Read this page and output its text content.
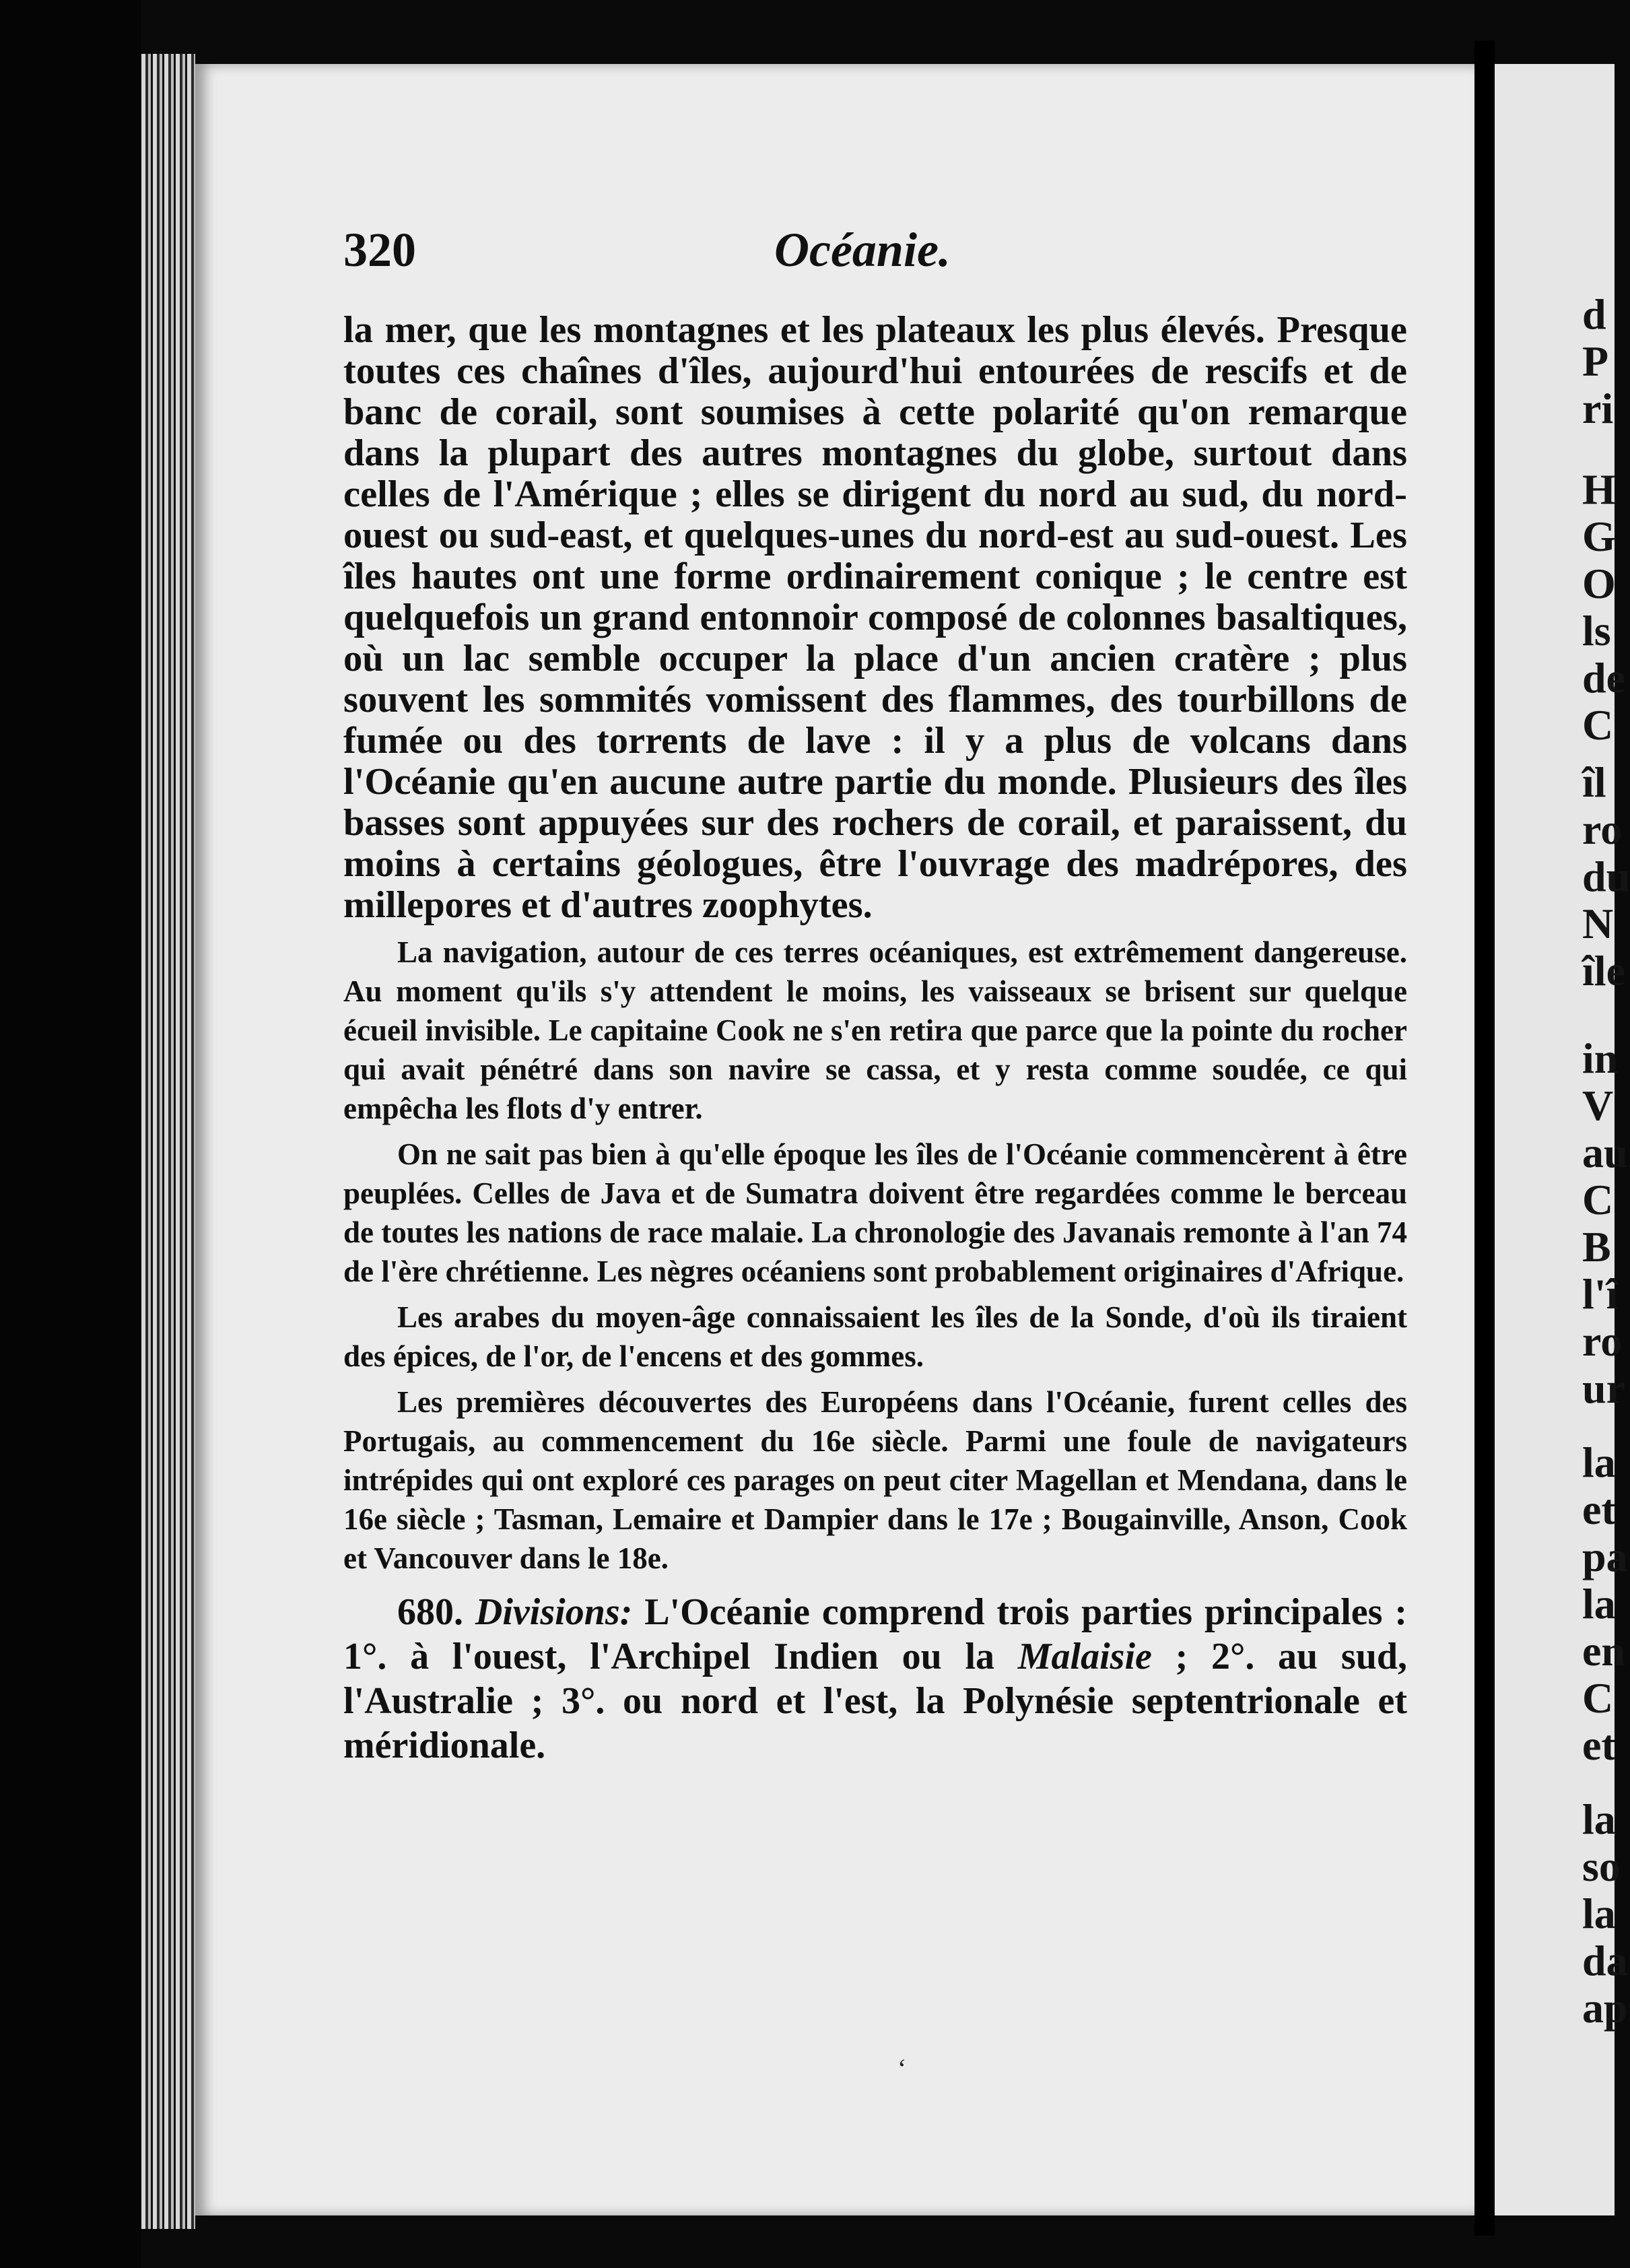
320	Océanie.

la mer, que les montagnes et les plateaux les plus élevés. Presque toutes ces chaînes d'îles, aujourd'hui entourées de rescifs et de banc de corail, sont soumises à cette polarité qu'on remarque dans la plupart des autres montagnes du globe, surtout dans celles de l'Amérique ; elles se dirigent du nord au sud, du nord-ouest ou sud-east, et quelques-unes du nord-est au sud-ouest. Les îles hautes ont une forme ordinairement conique ; le centre est quelquefois un grand entonnoir composé de colonnes basaltiques, où un lac semble occuper la place d'un ancien cratère ; plus souvent les sommités vomissent des flammes, des tourbillons de fumée ou des torrents de lave : il y a plus de volcans dans l'Océanie qu'en aucune autre partie du monde. Plusieurs des îles basses sont appuyées sur des rochers de corail, et paraissent, du moins à certains géologues, être l'ouvrage des madrépores, des millepores et d'autres zoophytes.

La navigation, autour de ces terres océaniques, est extrêmement dangereuse. Au moment qu'ils s'y attendent le moins, les vaisseaux se brisent sur quelque écueil invisible. Le capitaine Cook ne s'en retira que parce que la pointe du rocher qui avait pénétré dans son navire se cassa, et y resta comme soudée, ce qui empêcha les flots d'y entrer.

On ne sait pas bien à qu'elle époque les îles de l'Océanie commencèrent à être peuplées. Celles de Java et de Sumatra doivent être regardées comme le berceau de toutes les nations de race malaie. La chronologie des Javanais remonte à l'an 74 de l'ère chrétienne. Les nègres océaniens sont probablement originaires d'Afrique.

Les arabes du moyen-âge connaissaient les îles de la Sonde, d'où ils tiraient des épices, de l'or, de l'encens et des gommes.

Les premières découvertes des Européens dans l'Océanie, furent celles des Portugais, au commencement du 16e siècle. Parmi une foule de navigateurs intrépides qui ont exploré ces parages on peut citer Magellan et Mendana, dans le 16e siècle ; Tasman, Lemaire et Dampier dans le 17e ; Bougainville, Anson, Cook et Vancouver dans le 18e.

680. Divisions: L'Océanie comprend trois parties principales : 1°. à l'ouest, l'Archipel Indien ou la Malaisie ; 2°. au sud, l'Australie ; 3°. ou nord et l'est, la Polynésie septentrionale et méridionale.

ʻ
d
P
ri
H
G
O
ls
de
C
îl
ro
du
N
île
in
V
au
C
B
l'î
ro
ur
la
et
pa
la
en
C
et
la
so
la
da
ap
